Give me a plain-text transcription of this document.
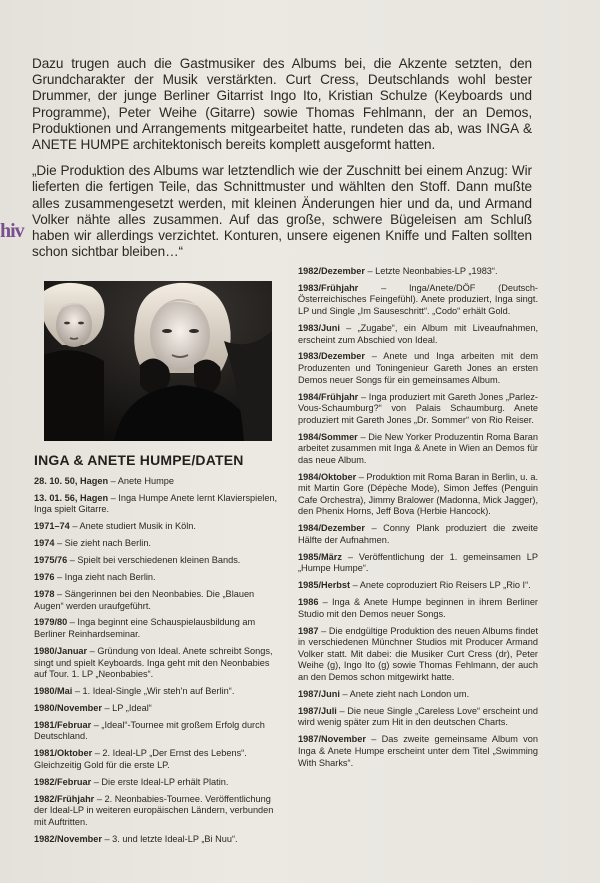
hiv

Dazu trugen auch die Gastmusiker des Albums bei, die Akzente setzten, den Grundcharakter der Musik verstärkten. Curt Cress, Deutschlands wohl bester Drummer, der junge Berliner Gitarrist Ingo Ito, Kristian Schulze (Keyboards und Programme), Peter Weihe (Gitarre) sowie Thomas Fehlmann, der an Demos, Produktionen und Arrangements mitgearbeitet hatte, rundeten das ab, was INGA & ANETE HUMPE architektonisch bereits komplett ausgeformt hatten.

„Die Produktion des Albums war letztendlich wie der Zuschnitt bei einem Anzug: Wir lieferten die fertigen Teile, das Schnittmuster und wählten den Stoff. Dann mußte alles zusammengesetzt werden, mit kleinen Änderungen hier und da, und Armand Volker nähte alles zusammen. Auf das große, schwere Bügeleisen am Schluß haben wir allerdings verzichtet. Konturen, unsere eigenen Kniffe und Falten sollten schon sichtbar bleiben…“

INGA & ANETE HUMPE/DATEN

28. 10. 50, Hagen – Anete Humpe

13. 01. 56, Hagen – Inga Humpe Anete lernt Klavierspielen, Inga spielt Gitarre.

1971–74 – Anete studiert Musik in Köln.

1974 – Sie zieht nach Berlin.

1975/76 – Spielt bei verschiedenen kleinen Bands.

1976 – Inga zieht nach Berlin.

1978 – Sängerinnen bei den Neonbabies. Die „Blauen Augen“ werden uraufgeführt.

1979/80 – Inga beginnt eine Schauspielausbildung am Berliner Reinhardseminar.

1980/Januar – Gründung von Ideal. Anete schreibt Songs, singt und spielt Keyboards. Inga geht mit den Neonbabies auf Tour. 1. LP „Neonbabies“.

1980/Mai – 1. Ideal-Single „Wir steh'n auf Berlin“.

1980/November – LP „Ideal“

1981/Februar – „Ideal“-Tournee mit großem Erfolg durch Deutschland.

1981/Oktober – 2. Ideal-LP „Der Ernst des Lebens“. Gleichzeitig Gold für die erste LP.

1982/Februar – Die erste Ideal-LP erhält Platin.

1982/Frühjahr – 2. Neonbabies-Tournee. Veröffentlichung der Ideal-LP in weiteren europäischen Ländern, verbunden mit Auftritten.

1982/November – 3. und letzte Ideal-LP „Bi Nuu“.

1982/Dezember – Letzte Neonbabies-LP „1983“.

1983/Frühjahr – Inga/Anete/DÖF (Deutsch-Österreichisches Feingefühl). Anete produziert, Inga singt. LP und Single „Im Sauseschritt“. „Codo“ erhält Gold.

1983/Juni – „Zugabe“, ein Album mit Liveaufnahmen, erscheint zum Abschied von Ideal.

1983/Dezember – Anete und Inga arbeiten mit dem Produzenten und Toningenieur Gareth Jones an ersten Demos neuer Songs für ein gemeinsames Album.

1984/Frühjahr – Inga produziert mit Gareth Jones „Parlez-Vous-Schaumburg?“ von Palais Schaumburg. Anete produziert mit Gareth Jones „Dr. Sommer“ von Rio Reiser.

1984/Sommer – Die New Yorker Produzentin Roma Baran arbeitet zusammen mit Inga & Anete in Wien an Demos für das neue Album.

1984/Oktober – Produktion mit Roma Baran in Berlin, u. a. mit Martin Gore (Dépèche Mode), Simon Jeffes (Penguin Cafe Orchestra), Jimmy Bralower (Madonna, Mick Jagger), den Phenix Horns, Jeff Bova (Herbie Hancock).

1984/Dezember – Conny Plank produziert die zweite Hälfte der Aufnahmen.

1985/März – Veröffentlichung der 1. gemeinsamen LP „Humpe Humpe“.

1985/Herbst – Anete coproduziert Rio Reisers LP „Rio I“.

1986 – Inga & Anete Humpe beginnen in ihrem Berliner Studio mit den Demos neuer Songs.

1987 – Die endgültige Produktion des neuen Albums findet in verschiedenen Münchner Studios mit Producer Armand Volker statt. Mit dabei: die Musiker Curt Cress (dr), Peter Weihe (g), Ingo Ito (g) sowie Thomas Fehlmann, der auch an den Demos schon mitgewirkt hatte.

1987/Juni – Anete zieht nach London um.

1987/Juli – Die neue Single „Careless Love“ erscheint und wird wenig später zum Hit in den deutschen Charts.

1987/November – Das zweite gemeinsame Album von Inga & Anete Humpe erscheint unter dem Titel „Swimming With Sharks“.
